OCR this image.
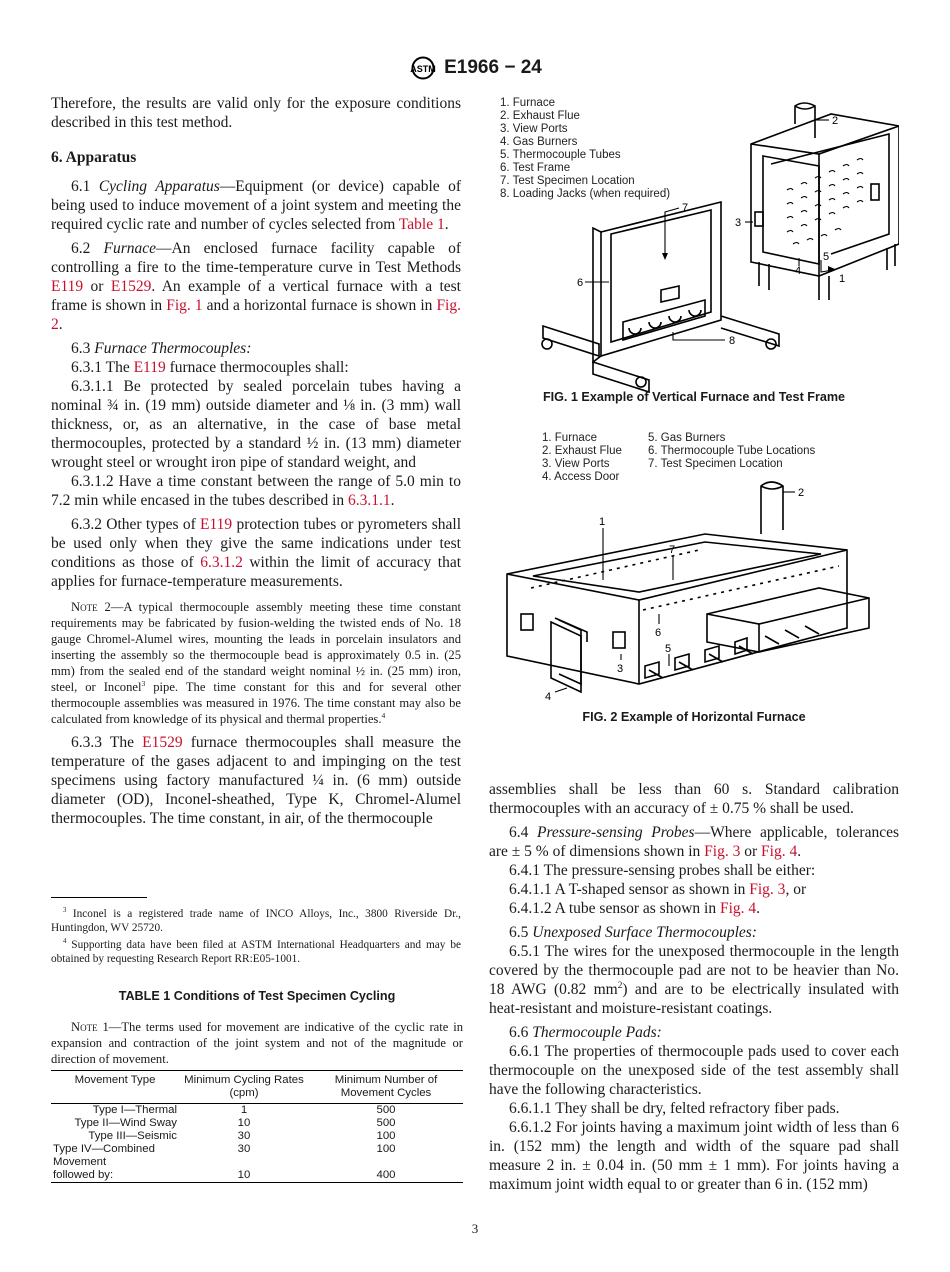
ASTM E1966 − 24

Therefore, the results are valid only for the exposure conditions described in this test method.

6. Apparatus

6.1 Cycling Apparatus—Equipment (or device) capable of being used to induce movement of a joint system and meeting the required cyclic rate and number of cycles selected from Table 1.

6.2 Furnace—An enclosed furnace facility capable of controlling a fire to the time-temperature curve in Test Methods E119 or E1529. An example of a vertical furnace with a test frame is shown in Fig. 1 and a horizontal furnace is shown in Fig. 2.

6.3 Furnace Thermocouples:

6.3.1 The E119 furnace thermocouples shall:

6.3.1.1 Be protected by sealed porcelain tubes having a nominal ¾ in. (19 mm) outside diameter and ⅛ in. (3 mm) wall thickness, or, as an alternative, in the case of base metal thermocouples, protected by a standard ½ in. (13 mm) diameter wrought steel or wrought iron pipe of standard weight, and

6.3.1.2 Have a time constant between the range of 5.0 min to 7.2 min while encased in the tubes described in 6.3.1.1.

6.3.2 Other types of E119 protection tubes or pyrometers shall be used only when they give the same indications under test conditions as those of 6.3.1.2 within the limit of accuracy that applies for furnace-temperature measurements.

Note 2—A typical thermocouple assembly meeting these time constant requirements may be fabricated by fusion-welding the twisted ends of No. 18 gauge Chromel-Alumel wires, mounting the leads in porcelain insulators and inserting the assembly so the thermocouple bead is approximately 0.5 in. (25 mm) from the sealed end of the standard weight nominal ½ in. (25 mm) iron, steel, or Inconel$^3$ pipe. The time constant for this and for several other thermocouple assemblies was measured in 1976. The time constant may also be calculated from knowledge of its physical and thermal properties.$^4$

6.3.3 The E1529 furnace thermocouples shall measure the temperature of the gases adjacent to and impinging on the test specimens using factory manufactured ¼ in. (6 mm) outside diameter (OD), Inconel-sheathed, Type K, Chromel-Alumel thermocouples. The time constant, in air, of the thermocouple

$^3$ Inconel is a registered trade name of INCO Alloys, Inc., 3800 Riverside Dr., Huntingdon, WV 25720.

$^4$ Supporting data have been filed at ASTM International Headquarters and may be obtained by requesting Research Report RR:E05-1001.

TABLE 1 Conditions of Test Specimen Cycling

Note 1—The terms used for movement are indicative of the cyclic rate in expansion and contraction of the joint system and not of the magnitude or direction of movement.

Movement Type	Minimum Cycling Rates (cpm)	Minimum Number of Movement Cycles
Type I—Thermal	1	500
Type II—Wind Sway	10	500
Type III—Seismic	30	100
Type IV—Combined Movement	30	100
followed by:	10	400
1. Furnace
2. Exhaust Flue
3. View Ports
4. Gas Burners
5. Thermocouple Tubes
6. Test Frame
7. Test Specimen Location
8. Loading Jacks (when required)
2
7
3
4
5
1
6
8
FIG. 1 Example of Vertical Furnace and Test Frame
1. Furnace
2. Exhaust Flue
3. View Ports
4. Access Door
5. Gas Burners
6. Thermocouple Tube Locations
7. Test Specimen Location
2
1
7
6
5
3
4
FIG. 2 Example of Horizontal Furnace

assemblies shall be less than 60 s. Standard calibration thermocouples with an accuracy of ± 0.75 % shall be used.

6.4 Pressure-sensing Probes—Where applicable, tolerances are ± 5 % of dimensions shown in Fig. 3 or Fig. 4.

6.4.1 The pressure-sensing probes shall be either:

6.4.1.1 A T-shaped sensor as shown in Fig. 3, or

6.4.1.2 A tube sensor as shown in Fig. 4.

6.5 Unexposed Surface Thermocouples:

6.5.1 The wires for the unexposed thermocouple in the length covered by the thermocouple pad are not to be heavier than No. 18 AWG (0.82 $mm^2$) and are to be electrically insulated with heat-resistant and moisture-resistant coatings.

6.6 Thermocouple Pads:

6.6.1 The properties of thermocouple pads used to cover each thermocouple on the unexposed side of the test assembly shall have the following characteristics.

6.6.1.1 They shall be dry, felted refractory fiber pads.

6.6.1.2 For joints having a maximum joint width of less than 6 in. (152 mm) the length and width of the square pad shall measure 2 in. ± 0.04 in. (50 mm ± 1 mm). For joints having a maximum joint width equal to or greater than 6 in. (152 mm)

3
